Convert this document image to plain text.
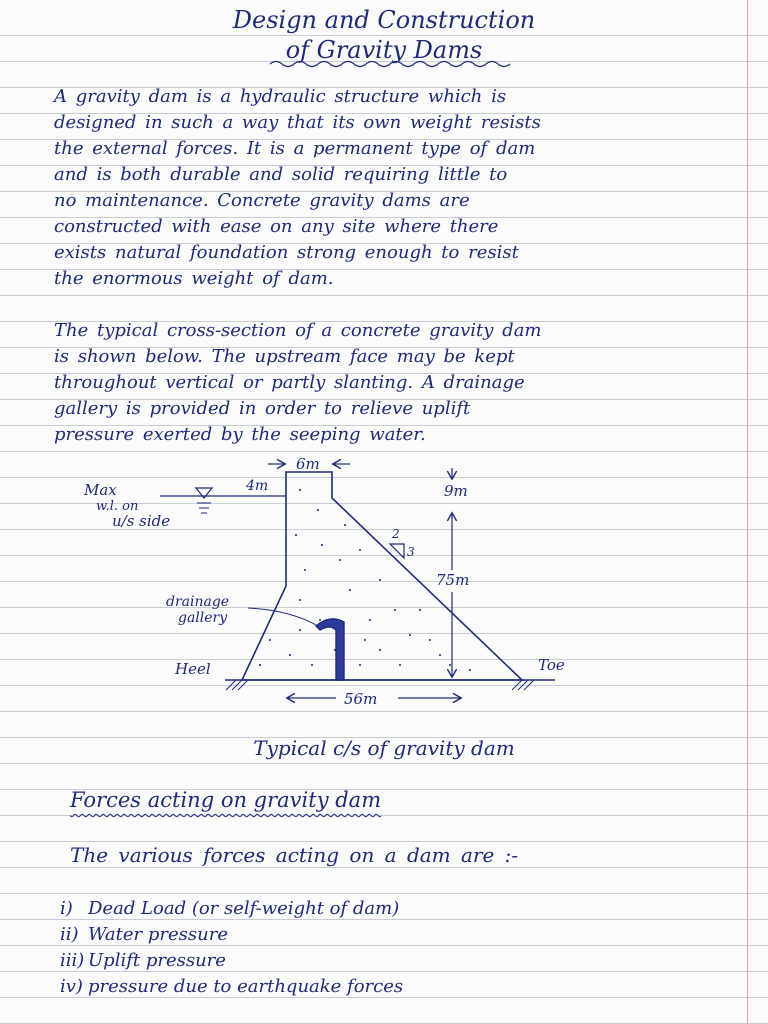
Design and Construction
of Gravity Dams
A gravity dam is a hydraulic structure which is
designed in such a way that its own weight resists
the external forces. It is a permanent type of dam
and is both durable and solid requiring little to
no maintenance. Concrete gravity dams are
constructed with ease on any site where there
exists natural foundation strong enough to resist
the enormous weight of dam.
The typical cross-section of a concrete gravity dam
is shown below. The upstream face may be kept
throughout vertical or partly slanting. A drainage
gallery is provided in order to relieve uplift
pressure exerted by the seeping water.
6m
4m
Max
w.l. on
u/s side
9m
75m
2
3
56m
drainage
gallery
Heel	Toe
Typical c/s of gravity dam
Forces acting on gravity dam
The various forces acting on a dam are :-
i) Dead Load (or self-weight of dam)
ii) Water pressure
iii) Uplift pressure
iv) pressure due to earthquake forces
